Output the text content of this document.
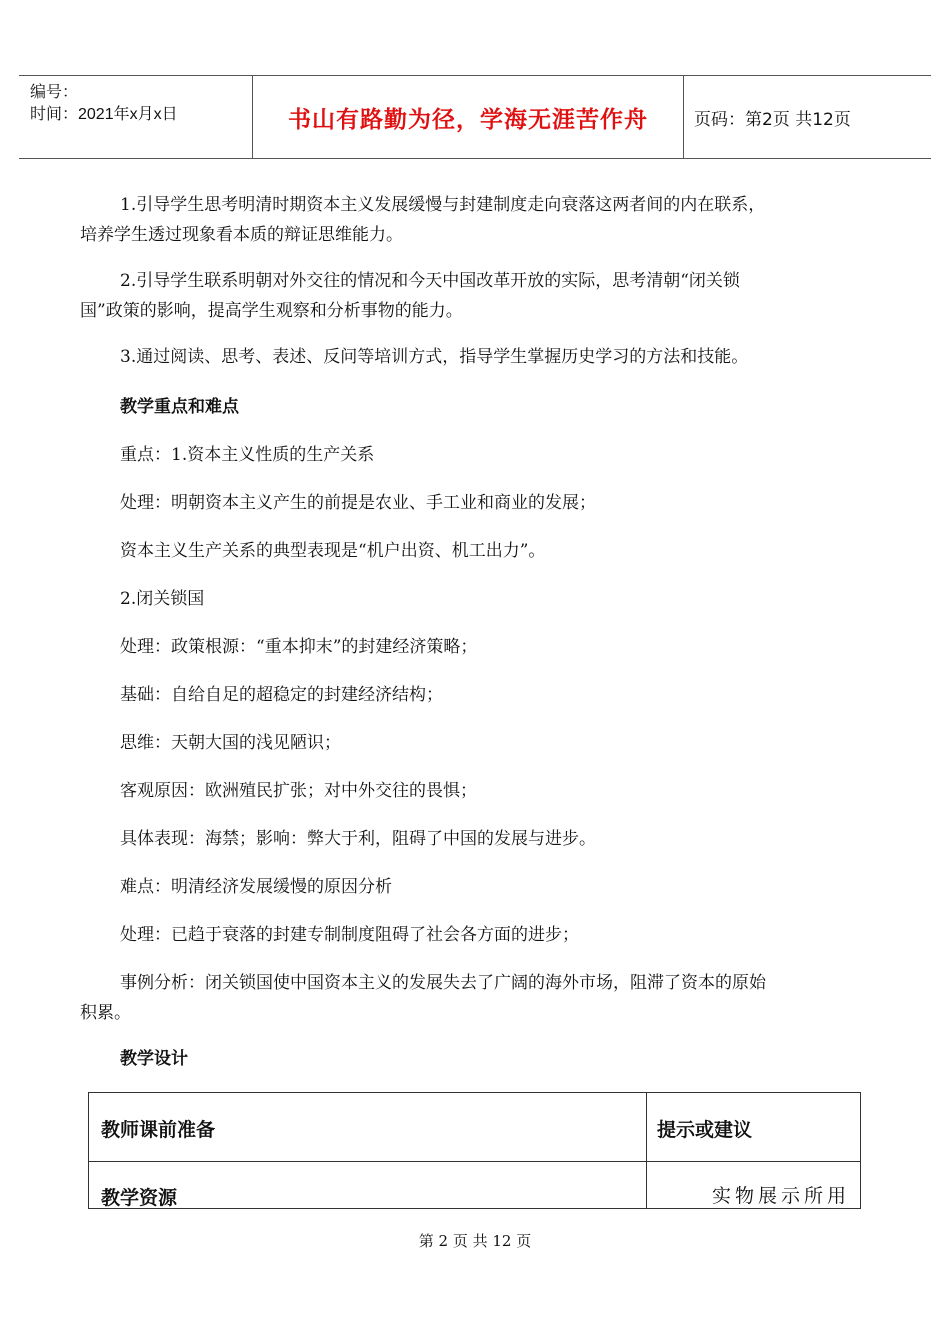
编号：
时间：2021年x月x日	书山有路勤为径，学海无涯苦作舟	页码：第2页 共12页

1.引导学生思考明清时期资本主义发展缓慢与封建制度走向衰落这两者间的内在联系，
培养学生透过现象看本质的辩证思维能力。

2.引导学生联系明朝对外交往的情况和今天中国改革开放的实际，思考清朝“闭关锁
国”政策的影响，提高学生观察和分析事物的能力。

3.通过阅读、思考、表述、反问等培训方式，指导学生掌握历史学习的方法和技能。

教学重点和难点

重点：1.资本主义性质的生产关系

处理：明朝资本主义产生的前提是农业、手工业和商业的发展；

资本主义生产关系的典型表现是“机户出资、机工出力”。

2.闭关锁国

处理：政策根源：“重本抑末”的封建经济策略；

基础：自给自足的超稳定的封建经济结构；

思维：天朝大国的浅见陋识；

客观原因：欧洲殖民扩张；对中外交往的畏惧；

具体表现：海禁；影响：弊大于利，阻碍了中国的发展与进步。

难点：明清经济发展缓慢的原因分析

处理：已趋于衰落的封建专制制度阻碍了社会各方面的进步；

事例分析：闭关锁国使中国资本主义的发展失去了广阔的海外市场，阻滞了资本的原始
积累。

教学设计

教师课前准备	提示或建议
教学资源	实物展示所用
第 2 页 共 12 页
